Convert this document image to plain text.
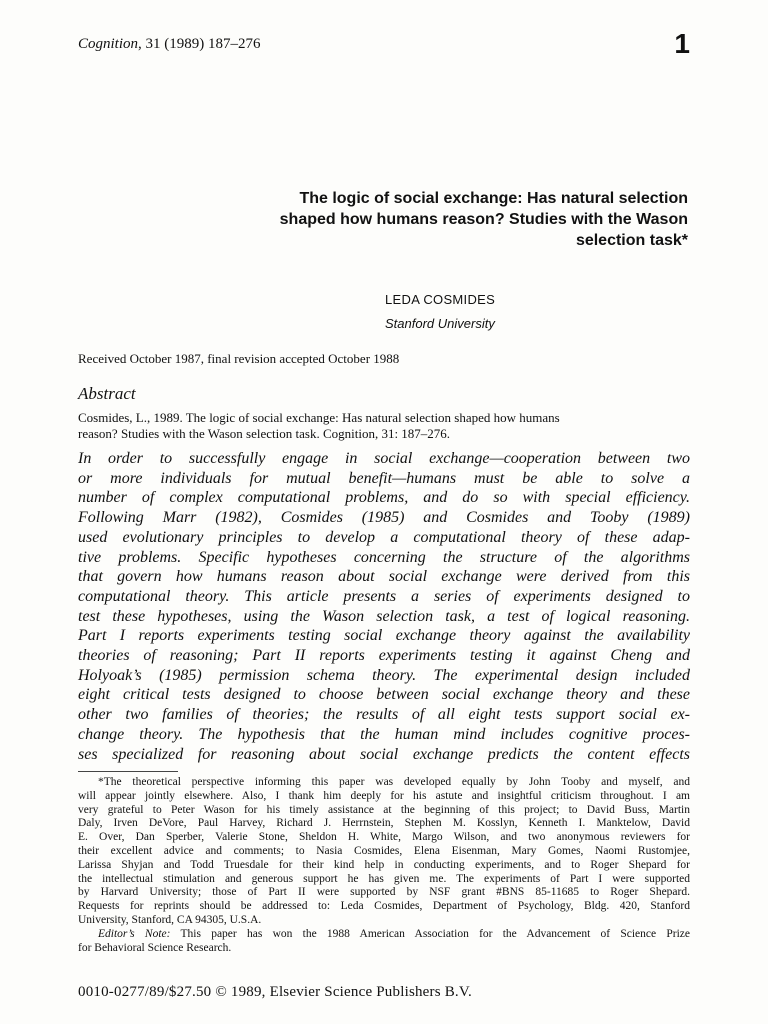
Cognition, 31 (1989) 187–276	1
The logic of social exchange: Has natural selection
shaped how humans reason? Studies with the Wason
selection task*
LEDA COSMIDES
Stanford University
Received October 1987, final revision accepted October 1988
Abstract
Cosmides, L., 1989. The logic of social exchange: Has natural selection shaped how humans
reason? Studies with the Wason selection task. Cognition, 31: 187–276.
In order to successfully engage in social exchange—cooperation between two
or more individuals for mutual benefit—humans must be able to solve a
number of complex computational problems, and do so with special efficiency.
Following Marr (1982), Cosmides (1985) and Cosmides and Tooby (1989)
used evolutionary principles to develop a computational theory of these adap-
tive problems. Specific hypotheses concerning the structure of the algorithms
that govern how humans reason about social exchange were derived from this
computational theory. This article presents a series of experiments designed to
test these hypotheses, using the Wason selection task, a test of logical reasoning.
Part I reports experiments testing social exchange theory against the availability
theories of reasoning; Part II reports experiments testing it against Cheng and
Holyoak’s (1985) permission schema theory. The experimental design included
eight critical tests designed to choose between social exchange theory and these
other two families of theories; the results of all eight tests support social ex-
change theory. The hypothesis that the human mind includes cognitive proces-
ses specialized for reasoning about social exchange predicts the content effects
*The theoretical perspective informing this paper was developed equally by John Tooby and myself, and
will appear jointly elsewhere. Also, I thank him deeply for his astute and insightful criticism throughout. I am
very grateful to Peter Wason for his timely assistance at the beginning of this project; to David Buss, Martin
Daly, Irven DeVore, Paul Harvey, Richard J. Herrnstein, Stephen M. Kosslyn, Kenneth I. Manktelow, David
E. Over, Dan Sperber, Valerie Stone, Sheldon H. White, Margo Wilson, and two anonymous reviewers for
their excellent advice and comments; to Nasia Cosmides, Elena Eisenman, Mary Gomes, Naomi Rustomjee,
Larissa Shyjan and Todd Truesdale for their kind help in conducting experiments, and to Roger Shepard for
the intellectual stimulation and generous support he has given me. The experiments of Part I were supported
by Harvard University; those of Part II were supported by NSF grant #BNS 85-11685 to Roger Shepard.
Requests for reprints should be addressed to: Leda Cosmides, Department of Psychology, Bldg. 420, Stanford
University, Stanford, CA 94305, U.S.A.
Editor’s Note: This paper has won the 1988 American Association for the Advancement of Science Prize
for Behavioral Science Research.
0010-0277/89/$27.50 © 1989, Elsevier Science Publishers B.V.
